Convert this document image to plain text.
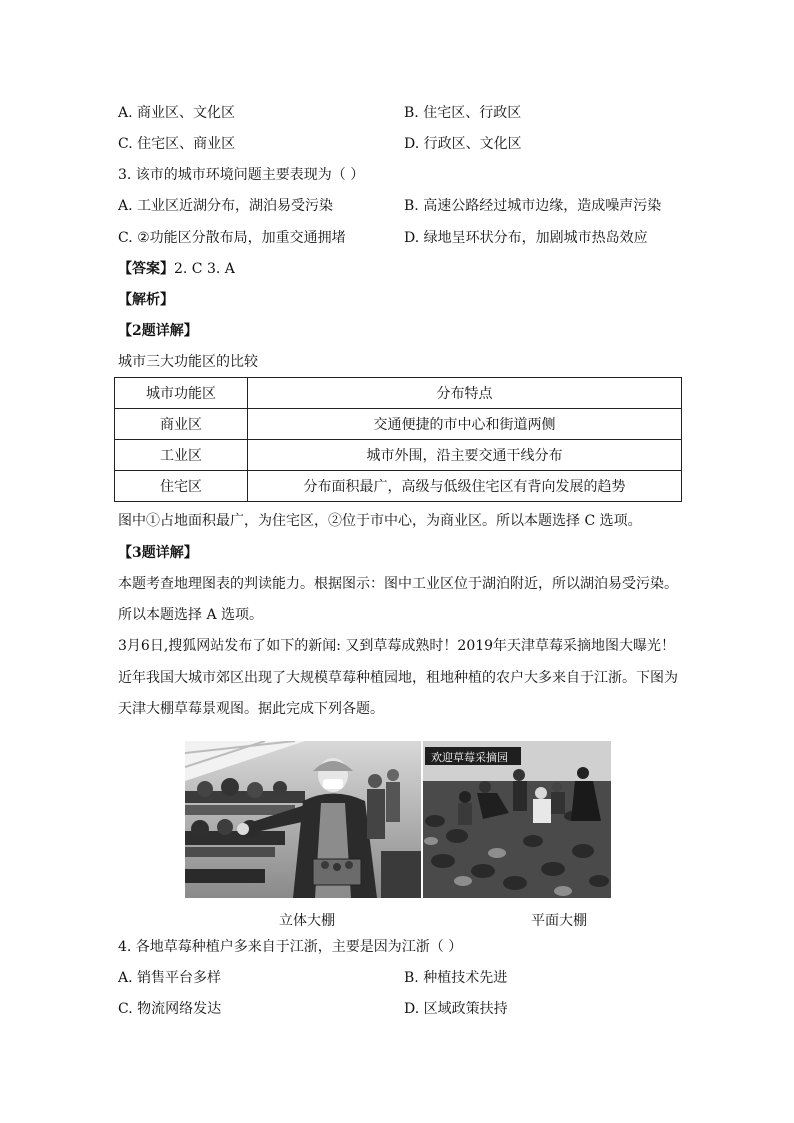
A. 商业区、文化区	B. 住宅区、行政区
C. 住宅区、商业区	D. 行政区、文化区
3. 该市的城市环境问题主要表现为（ ）
A. 工业区近湖分布，湖泊易受污染	B. 高速公路经过城市边缘，造成噪声污染
C. ②功能区分散布局，加重交通拥堵	D. 绿地呈环状分布，加剧城市热岛效应
【答案】2. C 3. A
【解析】
【2题详解】
城市三大功能区的比较
城市功能区	分布特点
商业区	交通便捷的市中心和街道两侧
工业区	城市外围，沿主要交通干线分布
住宅区	分布面积最广，高级与低级住宅区有背向发展的趋势
图中①占地面积最广，为住宅区，②位于市中心，为商业区。所以本题选择 C 选项。
【3题详解】
本题考查地理图表的判读能力。根据图示：图中工业区位于湖泊附近，所以湖泊易受污染。
所以本题选择 A 选项。
3月6日,搜狐网站发布了如下的新闻: 又到草莓成熟时！2019年天津草莓采摘地图大曝光！
近年我国大城市郊区出现了大规模草莓种植园地，租地种植的农户大多来自于江浙。下图为
天津大棚草莓景观图。据此完成下列各题。
欢迎草莓采摘园
立体大棚	平面大棚
4. 各地草莓种植户多来自于江浙，主要是因为江浙（ ）
A. 销售平台多样	B. 种植技术先进
C. 物流网络发达	D. 区域政策扶持
